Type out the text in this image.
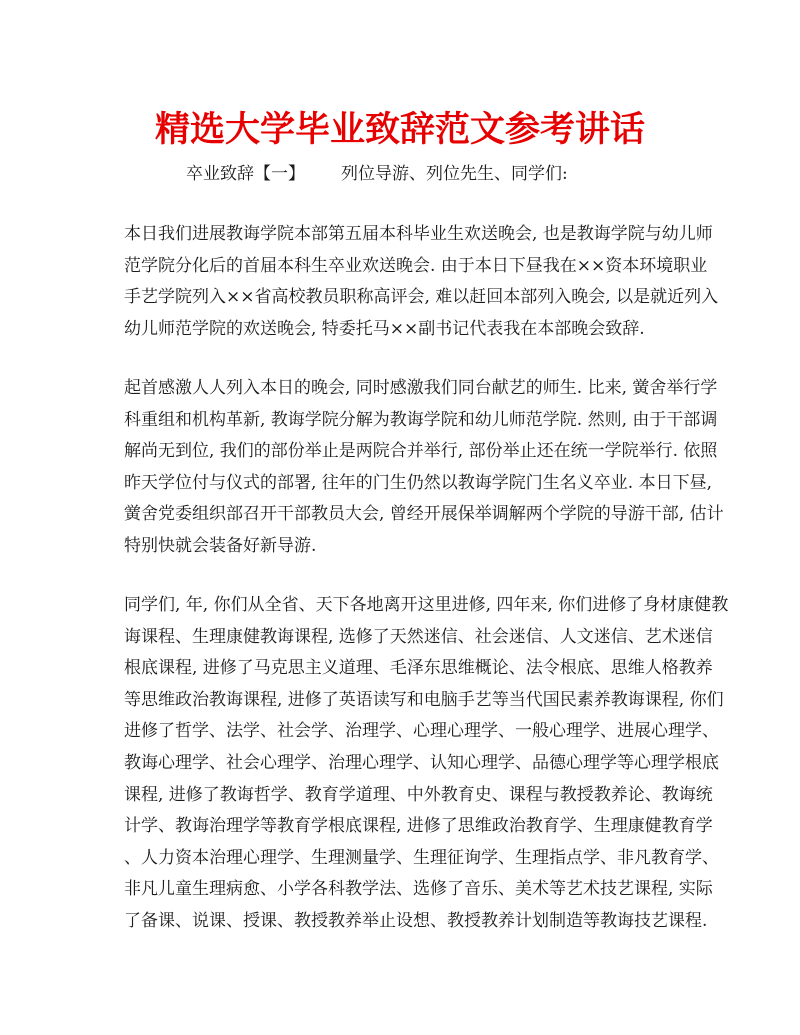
精选大学毕业致辞范文参考讲话
卒业致辞【一】 列位导游、列位先生、同学们:
本日我们进展教诲学院本部第五届本科毕业生欢送晚会, 也是教诲学院与幼儿师
范学院分化后的首届本科生卒业欢送晚会. 由于本日下昼我在××资本环境职业
手艺学院列入××省高校教员职称高评会, 难以赶回本部列入晚会, 以是就近列入
幼儿师范学院的欢送晚会, 特委托马××副书记代表我在本部晚会致辞.
起首感激人人列入本日的晚会, 同时感激我们同台献艺的师生. 比来, 黉舍举行学
科重组和机构革新, 教诲学院分解为教诲学院和幼儿师范学院. 然则, 由于干部调
解尚无到位, 我们的部份举止是两院合并举行, 部份举止还在统一学院举行. 依照
昨天学位付与仪式的部署, 往年的门生仍然以教诲学院门生名义卒业. 本日下昼,
黉舍党委组织部召开干部教员大会, 曾经开展保举调解两个学院的导游干部, 估计
特别快就会装备好新导游.
同学们, 年, 你们从全省、天下各地离开这里进修, 四年来, 你们进修了身材康健教
诲课程、生理康健教诲课程, 选修了天然迷信、社会迷信、人文迷信、艺术迷信
根底课程, 进修了马克思主义道理、毛泽东思维概论、法令根底、思维人格教养
等思维政治教诲课程, 进修了英语读写和电脑手艺等当代国民素养教诲课程, 你们
进修了哲学、法学、社会学、治理学、心理心理学、一般心理学、进展心理学、
教诲心理学、社会心理学、治理心理学、认知心理学、品德心理学等心理学根底
课程, 进修了教诲哲学、教育学道理、中外教育史、课程与教授教养论、教诲统
计学、教诲治理学等教育学根底课程, 进修了思维政治教育学、生理康健教育学
、人力资本治理心理学、生理测量学、生理征询学、生理指点学、非凡教育学、
非凡儿童生理病愈、小学各科教学法、选修了音乐、美术等艺术技艺课程, 实际
了备课、说课、授课、教授教养举止设想、教授教养计划制造等教诲技艺课程.
